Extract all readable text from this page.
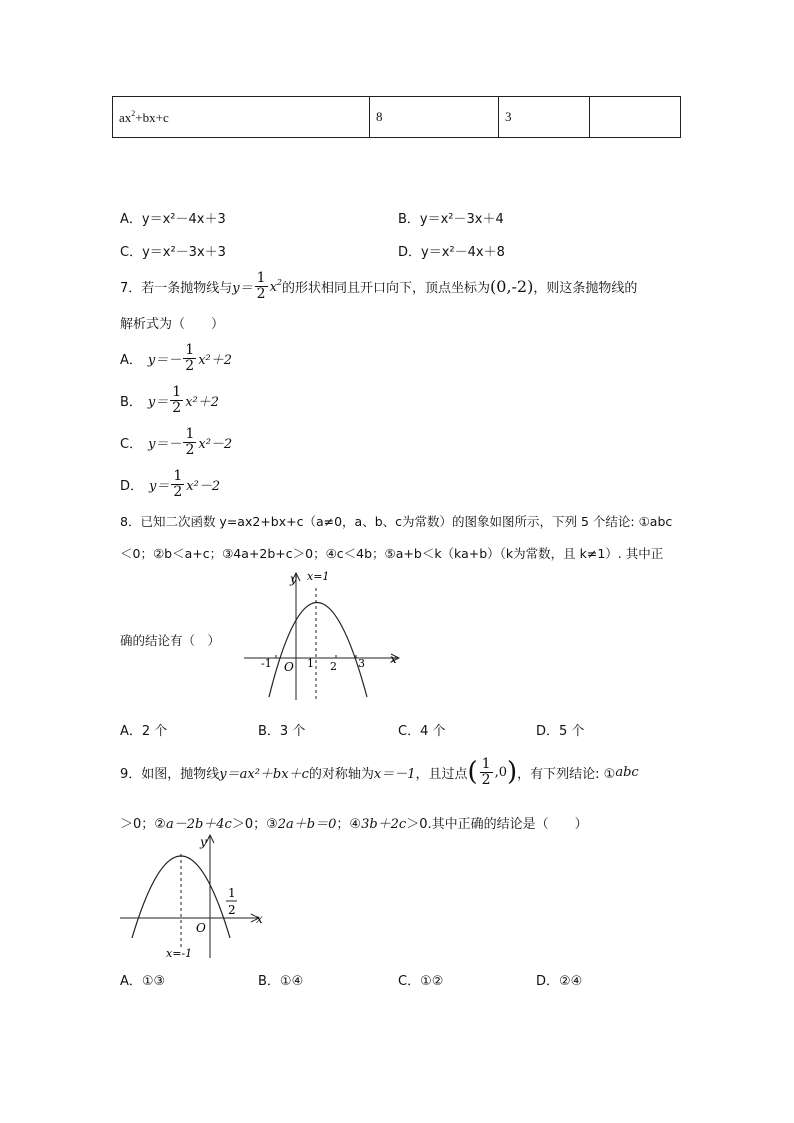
$ax^2+bx+c$	8	3	
A．y＝x²－4x＋3	B．y＝x²－3x＋4
C．y＝x²－3x＋3	D．y＝x²－4x＋8
7．若一条抛物线与 $y= \frac{1}{2} x^2$ 的形状相同且开口向下，顶点坐标为 (0,-2) ，则这条抛物线的
解析式为（　　）
A． $y=- \frac{1}{2} x^2+2$
B． $y= \frac{1}{2} x^2+2$
C． $y=- \frac{1}{2} x^2-2$
D． $y= \frac{1}{2} x^2-2$
8．已知二次函数 y=ax2+bx+c（a≠0，a、b、c为常数）的图象如图所示，下列 5 个结论: ①abc
＜0；②b＜a+c；③4a+2b+c＞0；④c＜4b；⑤a+b＜k（ka+b）（k为常数，且 k≠1）. 其中正
确的结论有（　）
y x=1
x
O
-1	1 2 3
A．2 个	B．3 个	C．4 个	D．5 个
9．如图，抛物线 y＝ax²＋bx＋c 的对称轴为 x＝－1 ，且过点 ( $\frac{1}{2} ,0$ ) ，有下列结论: ① abc
＞0；② a－2b＋4c ＞0；③ 2a＋b＝0 ；④ 3b＋2c ＞0.其中正确的结论是（　　）
y
x
O
1
2
x=-1
A．①③	B．①④	C．①②	D．②④
